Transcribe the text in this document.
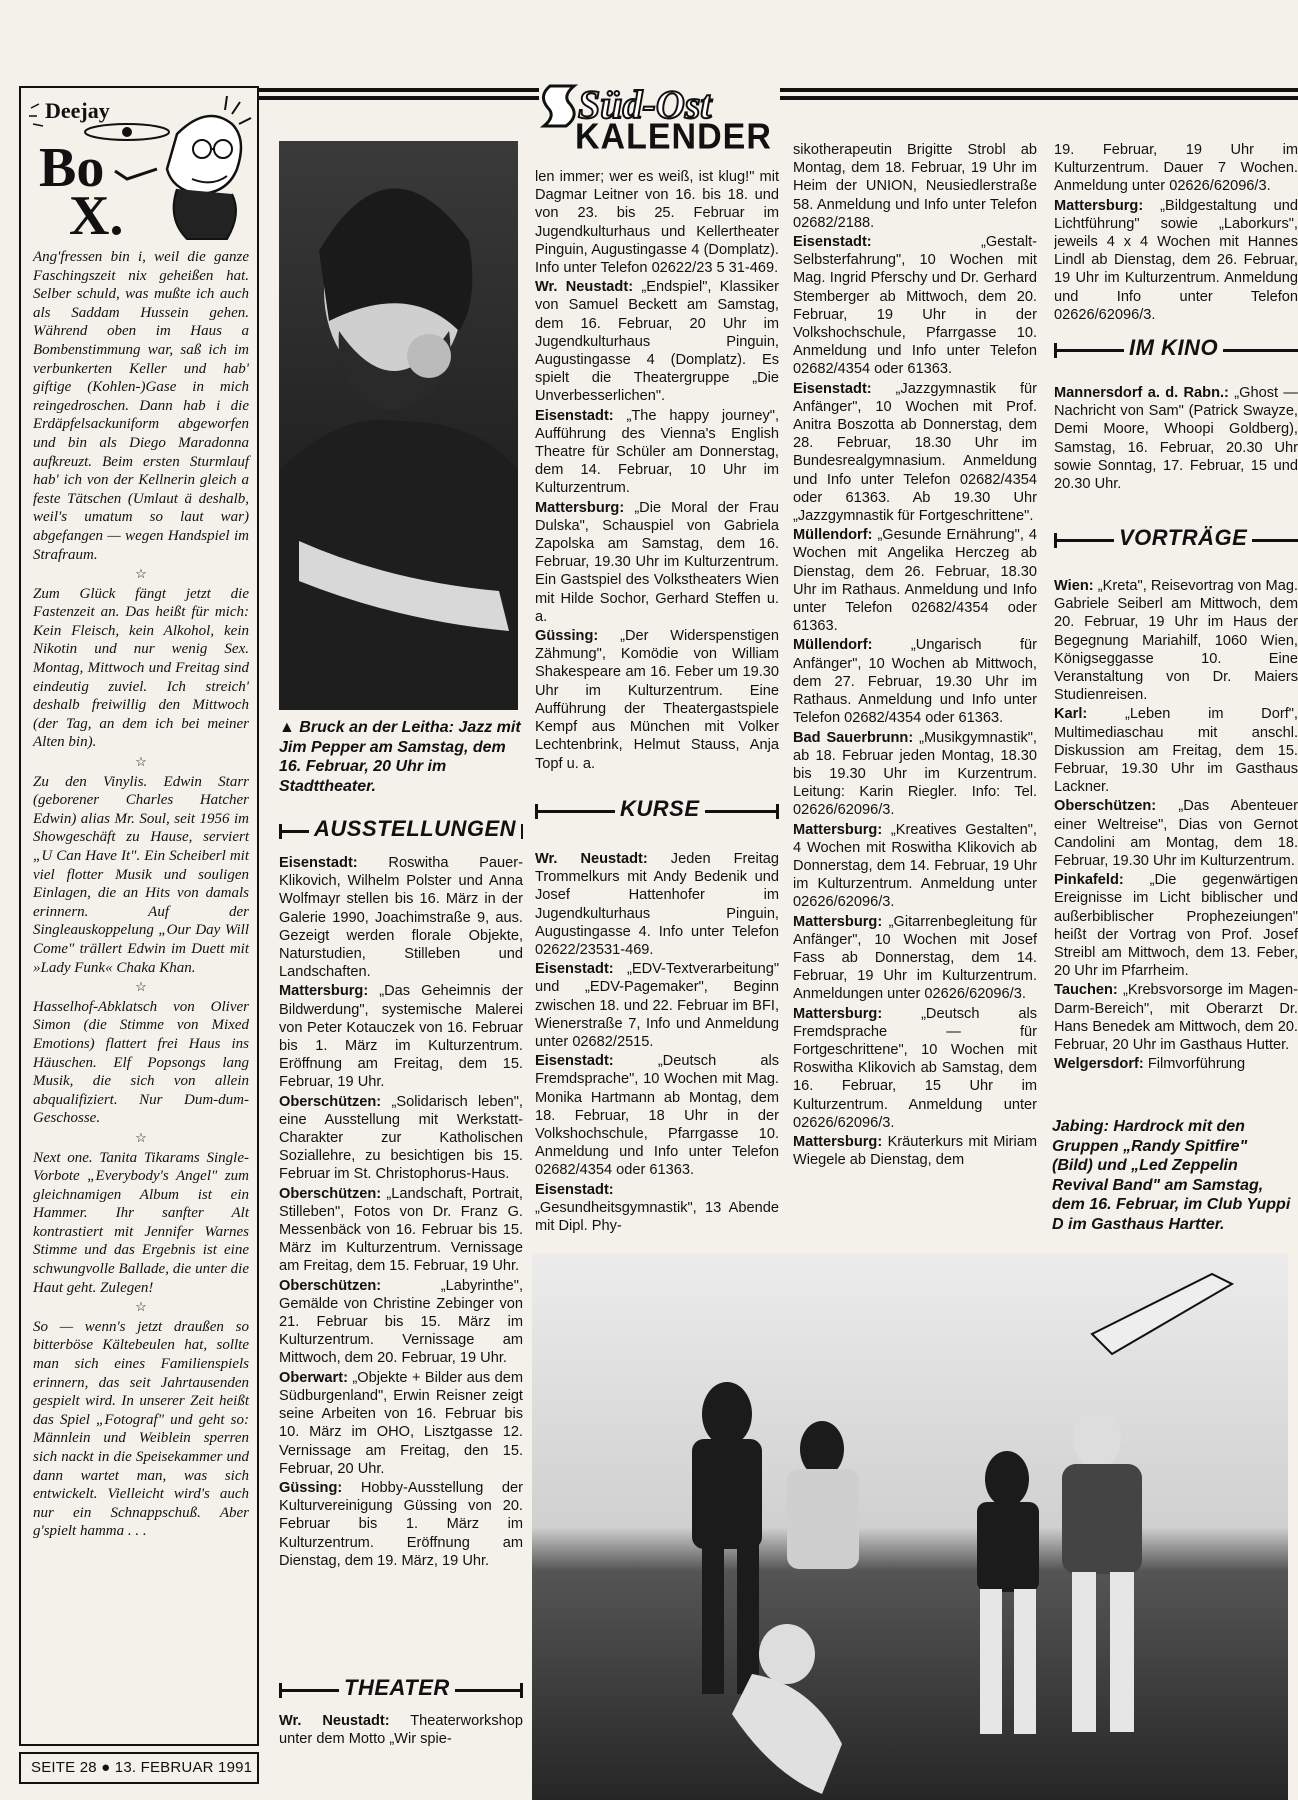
Deejay
Bo
X.

Ang'fressen bin i, weil die ganze Faschingszeit nix geheißen hat. Selber schuld, was mußte ich auch als Saddam Hussein gehen. Während oben im Haus a Bombenstimmung war, saß ich im verbunkerten Keller und hab' giftige (Kohlen-)Gase in mich reingedroschen. Dann hab i die Erdäpfelsackuniform abgeworfen und bin als Diego Maradonna aufkreuzt. Beim ersten Sturmlauf hab' ich von der Kellnerin gleich a feste Tätschen (Umlaut ä deshalb, weil's umatum so laut war) abgefangen — wegen Handspiel im Strafraum.

☆

Zum Glück fängt jetzt die Fastenzeit an. Das heißt für mich: Kein Fleisch, kein Alkohol, kein Nikotin und nur wenig Sex. Montag, Mittwoch und Freitag sind eindeutig zuviel. Ich streich' deshalb freiwillig den Mittwoch (der Tag, an dem ich bei meiner Alten bin).

☆

Zu den Vinylis. Edwin Starr (geborener Charles Hatcher Edwin) alias Mr. Soul, seit 1956 im Showgeschäft zu Hause, serviert „U Can Have It". Ein Scheiberl mit viel flotter Musik und souligen Einlagen, die an Hits von damals erinnern. Auf der Singleauskoppelung „Our Day Will Come" trällert Edwin im Duett mit »Lady Funk« Chaka Khan.

☆

Hasselhof-Abklatsch von Oliver Simon (die Stimme von Mixed Emotions) flattert frei Haus ins Häuschen. Elf Popsongs lang Musik, die sich von allein abqualifiziert. Nur Dum-dum-Geschosse.

☆

Next one. Tanita Tikarams Single-Vorbote „Everybody's Angel" zum gleichnamigen Album ist ein Hammer. Ihr sanfter Alt kontrastiert mit Jennifer Warnes Stimme und das Ergebnis ist eine schwungvolle Ballade, die unter die Haut geht. Zulegen!

☆

So — wenn's jetzt draußen so bitterböse Kältebeulen hat, sollte man sich eines Familienspiels erinnern, das seit Jahrtausenden gespielt wird. In unserer Zeit heißt das Spiel „Fotograf" und geht so: Männlein und Weiblein sperren sich nackt in die Speisekammer und dann wartet man, was sich entwickelt. Vielleicht wird's auch nur ein Schnappschuß. Aber g'spielt hamma . . .

SEITE 28 ● 13. FEBRUAR 1991
Süd-Ost
KALENDER
▲ Bruck an der Leitha: Jazz mit Jim Pepper am Samstag, dem 16. Februar, 20 Uhr im Stadttheater.
AUSSTELLUNGEN

Eisenstadt: Roswitha Pauer-Klikovich, Wilhelm Polster und Anna Wolfmayr stellen bis 16. März in der Galerie 1990, Joachimstraße 9, aus. Gezeigt werden florale Objekte, Naturstudien, Stilleben und Landschaften.

Mattersburg: „Das Geheimnis der Bildwerdung", systemische Malerei von Peter Kotauczek von 16. Februar bis 1. März im Kulturzentrum. Eröffnung am Freitag, dem 15. Februar, 19 Uhr.

Oberschützen: „Solidarisch leben", eine Ausstellung mit Werkstatt-Charakter zur Katholischen Soziallehre, zu besichtigen bis 15. Februar im St. Christophorus-Haus.

Oberschützen: „Landschaft, Portrait, Stilleben", Fotos von Dr. Franz G. Messenbäck von 16. Februar bis 15. März im Kulturzentrum. Vernissage am Freitag, dem 15. Februar, 19 Uhr.

Oberschützen:	„Labyrinthe", Gemälde von Christine Zebinger von 21. Februar bis 15. März im Kulturzentrum. Vernissage am Mittwoch, dem 20. Februar, 19 Uhr.

Oberwart: „Objekte + Bilder aus dem Südburgenland", Erwin Reisner zeigt seine Arbeiten von 16. Februar bis 10. März im OHO, Lisztgasse 12. Vernissage am Freitag, den 15. Februar, 20 Uhr.

Güssing: Hobby-Ausstellung der Kulturvereinigung Güssing von 20. Februar bis 1. März im Kulturzentrum. Eröffnung am Dienstag, dem 19. März, 19 Uhr.

THEATER

Wr. Neustadt: Theaterworkshop unter dem Motto „Wir spie-

len immer; wer es weiß, ist klug!" mit Dagmar Leitner von 16. bis 18. und von 23. bis 25. Februar im Jugendkulturhaus und Kellertheater Pinguin, Augustingasse 4 (Domplatz). Info unter Telefon 02622/23 5 31-469.

Wr. Neustadt: „Endspiel", Klassiker von Samuel Beckett am Samstag, dem 16. Februar, 20 Uhr im Jugendkulturhaus Pinguin, Augustingasse 4 (Domplatz). Es spielt die Theatergruppe „Die Unverbesserlichen".

Eisenstadt: „The happy journey", Aufführung des Vienna's English Theatre für Schüler am Donnerstag, dem 14. Februar, 10 Uhr im Kulturzentrum.

Mattersburg: „Die Moral der Frau Dulska", Schauspiel von Gabriela Zapolska am Samstag, dem 16. Februar, 19.30 Uhr im Kulturzentrum. Ein Gastspiel des Volkstheaters Wien mit Hilde Sochor, Gerhard Steffen u. a.

Güssing: „Der Widerspenstigen Zähmung", Komödie von William Shakespeare am 16. Feber um 19.30 Uhr im Kulturzentrum. Eine Aufführung der Theatergastspiele Kempf aus München mit Volker Lechtenbrink, Helmut Stauss, Anja Topf u. a.

KURSE

Wr. Neustadt: Jeden Freitag Trommelkurs mit Andy Bedenik und Josef Hattenhofer im Jugendkulturhaus Pinguin, Augustingasse 4. Info unter Telefon 02622/23531-469.

Eisenstadt: „EDV-Textverarbeitung" und „EDV-Pagemaker", Beginn zwischen 18. und 22. Februar im BFI, Wienerstraße 7, Info und Anmeldung unter 02682/2515.

Eisenstadt:	„Deutsch als Fremdsprache", 10 Wochen mit Mag. Monika Hartmann ab Montag, dem 18. Februar, 18 Uhr in der Volkshochschule, Pfarrgasse 10. Anmeldung und Info unter Telefon 02682/4354 oder 61363.

Eisenstadt: „Gesundheitsgymnastik", 13 Abende mit Dipl. Phy-

sikotherapeutin Brigitte Strobl ab Montag, dem 18. Februar, 19 Uhr im Heim der UNION, Neusiedlerstraße 58. Anmeldung und Info unter Telefon 02682/2188.

Eisenstadt:	„Gestalt-Selbsterfahrung", 10 Wochen mit Mag. Ingrid Pferschy und Dr. Gerhard Stemberger ab Mittwoch, dem 20. Februar, 19 Uhr in der Volkshochschule, Pfarrgasse 10. Anmeldung und Info unter Telefon 02682/4354 oder 61363.

Eisenstadt: „Jazzgymnastik für Anfänger", 10 Wochen mit Prof. Anitra Boszotta ab Donnerstag, dem 28. Februar, 18.30 Uhr im Bundesrealgymnasium. Anmeldung und Info unter Telefon 02682/4354 oder 61363. Ab 19.30 Uhr „Jazzgymnastik für Fortgeschrittene".

Müllendorf: „Gesunde Ernährung", 4 Wochen mit Angelika Herczeg ab Dienstag, dem 26. Februar, 18.30 Uhr im Rathaus. Anmeldung und Info unter Telefon 02682/4354 oder 61363.

Müllendorf:	„Ungarisch für Anfänger", 10 Wochen ab Mittwoch, dem 27. Februar, 19.30 Uhr im Rathaus. Anmeldung und Info unter Telefon 02682/4354 oder 61363.

Bad Sauerbrunn: „Musikgymnastik", ab 18. Februar jeden Montag, 18.30 bis 19.30 Uhr im Kurzentrum. Leitung: Karin Riegler. Info: Tel. 02626/62096/3.

Mattersburg: „Kreatives Gestalten", 4 Wochen mit Roswitha Klikovich ab Donnerstag, dem 14. Februar, 19 Uhr im Kulturzentrum. Anmeldung unter 02626/62096/3.

Mattersburg: „Gitarrenbegleitung für Anfänger", 10 Wochen mit Josef Fass ab Donnerstag, dem 14. Februar, 19 Uhr im Kulturzentrum. Anmeldungen unter 02626/62096/3.

Mattersburg:	„Deutsch als Fremdsprache — für Fortgeschrittene", 10 Wochen mit Roswitha Klikovich ab Samstag, dem 16. Februar, 15 Uhr im Kulturzentrum. Anmeldung unter 02626/62096/3.

Mattersburg: Kräuterkurs mit Miriam Wiegele ab Dienstag, dem

19. Februar, 19 Uhr im Kulturzentrum. Dauer 7 Wochen. Anmeldung unter 02626/62096/3.

Mattersburg: „Bildgestaltung und Lichtführung" sowie „Laborkurs", jeweils 4 x 4 Wochen mit Hannes Lindl ab Dienstag, dem 26. Februar, 19 Uhr im Kulturzentrum. Anmeldung und Info unter Telefon 02626/62096/3.

IM KINO

Mannersdorf a. d. Rabn.: „Ghost — Nachricht von Sam" (Patrick Swayze, Demi Moore, Whoopi Goldberg), Samstag, 16. Februar, 20.30 Uhr sowie Sonntag, 17. Februar, 15 und 20.30 Uhr.

VORTRÄGE

Wien: „Kreta", Reisevortrag von Mag. Gabriele Seiberl am Mittwoch, dem 20. Februar, 19 Uhr im Haus der Begegnung Mariahilf, 1060 Wien, Königseggasse 10. Eine Veranstaltung von Dr. Maiers Studienreisen.

Karl:	„Leben im Dorf", Multimediaschau mit anschl. Diskussion am Freitag, dem 15. Februar, 19.30 Uhr im Gasthaus Lackner.

Oberschützen: „Das Abenteuer einer Weltreise", Dias von Gernot Candolini am Montag, dem 18. Februar, 19.30 Uhr im Kulturzentrum.

Pinkafeld: „Die gegenwärtigen Ereignisse im Licht biblischer und außerbiblischer Prophezeiungen" heißt der Vortrag von Prof. Josef Streibl am Mittwoch, dem 13. Feber, 20 Uhr im Pfarrheim.

Tauchen: „Krebsvorsorge im Magen-Darm-Bereich", mit Oberarzt Dr. Hans Benedek am Mittwoch, dem 20. Februar, 20 Uhr im Gasthaus Hutter.

Welgersdorf: Filmvorführung

Jabing: Hardrock mit den Gruppen „Randy Spitfire" (Bild) und „Led Zeppelin Revival Band" am Samstag, dem 16. Februar, im Club Yuppi D im Gasthaus Hartter.
